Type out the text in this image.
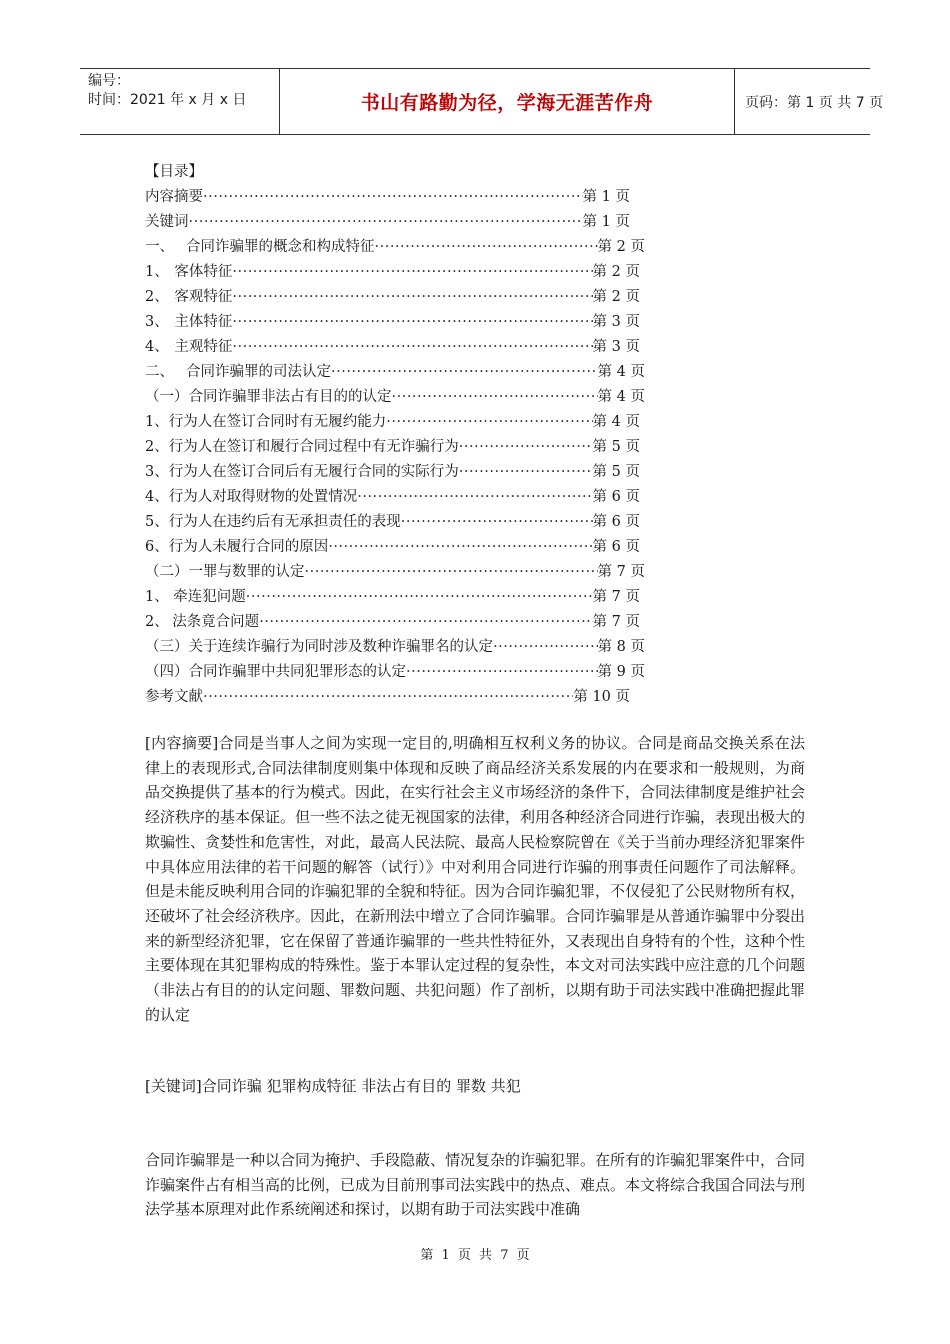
编号：
时间：2021 年 x 月 x 日	书山有路勤为径，学海无涯苦作舟	页码：第 1 页 共 7 页
【目录】
内容摘要 ·····	第 1 页
关键词 ·····	第 1 页
一、 合同诈骗罪的概念和构成特征 ·····	第 2 页
1、 客体特征 ·····	第 2 页
2、 客观特征 ·····	第 2 页
3、 主体特征 ·····	第 3 页
4、 主观特征 ·····	第 3 页
二、 合同诈骗罪的司法认定 ·····	第 4 页
（一） 合同诈骗罪非法占有目的的认定 ·····	第 4 页
1、 行为人在签订合同时有无履约能力 ·····	第 4 页
2、 行为人在签订和履行合同过程中有无诈骗行为 ·····	第 5 页
3、 行为人在签订合同后有无履行合同的实际行为 ·····	第 5 页
4、 行为人对取得财物的处置情况 ·····	第 6 页
5、 行为人在违约后有无承担责任的表现 ·····	第 6 页
6、 行为人未履行合同的原因 ·····	第 6 页
（二） 一罪与数罪的认定 ·····	第 7 页
1、 牵连犯问题 ·····	第 7 页
2、 法条竟合问题 ·····	第 7 页
（三） 关于连续诈骗行为同时涉及数种诈骗罪名的认定 ·····	第 8 页
（四） 合同诈骗罪中共同犯罪形态的认定 ·····	第 9 页
参考文献 ·····	第 10 页
[内容摘要]合同是当事人之间为实现一定目的,明确相互权利义务的协议。合同是商品交换关系在法律上的表现形式,合同法律制度则集中体现和反映了商品经济关系发展的内在要求和一般规则，为商品交换提供了基本的行为模式。因此，在实行社会主义市场经济的条件下，合同法律制度是维护社会经济秩序的基本保证。但一些不法之徒无视国家的法律，利用各种经济合同进行诈骗，表现出极大的欺骗性、贪婪性和危害性，对此，最高人民法院、最高人民检察院曾在《关于当前办理经济犯罪案件中具体应用法律的若干问题的解答（试行）》中对利用合同进行诈骗的刑事责任问题作了司法解释。但是未能反映利用合同的诈骗犯罪的全貌和特征。因为合同诈骗犯罪，不仅侵犯了公民财物所有权，还破坏了社会经济秩序。因此，在新刑法中增立了合同诈骗罪。合同诈骗罪是从普通诈骗罪中分裂出来的新型经济犯罪，它在保留了普通诈骗罪的一些共性特征外，又表现出自身特有的个性，这种个性主要体现在其犯罪构成的特殊性。鉴于本罪认定过程的复杂性，本文对司法实践中应注意的几个问题（非法占有目的的认定问题、罪数问题、共犯问题）作了剖析，以期有助于司法实践中准确把握此罪的认定
[关键词]合同诈骗 犯罪构成特征 非法占有目的 罪数 共犯
合同诈骗罪是一种以合同为掩护、手段隐蔽、情况复杂的诈骗犯罪。在所有的诈骗犯罪案件中，合同诈骗案件占有相当高的比例，已成为目前刑事司法实践中的热点、难点。本文将综合我国合同法与刑法学基本原理对此作系统阐述和探讨，以期有助于司法实践中准确
第 1 页 共 7 页
